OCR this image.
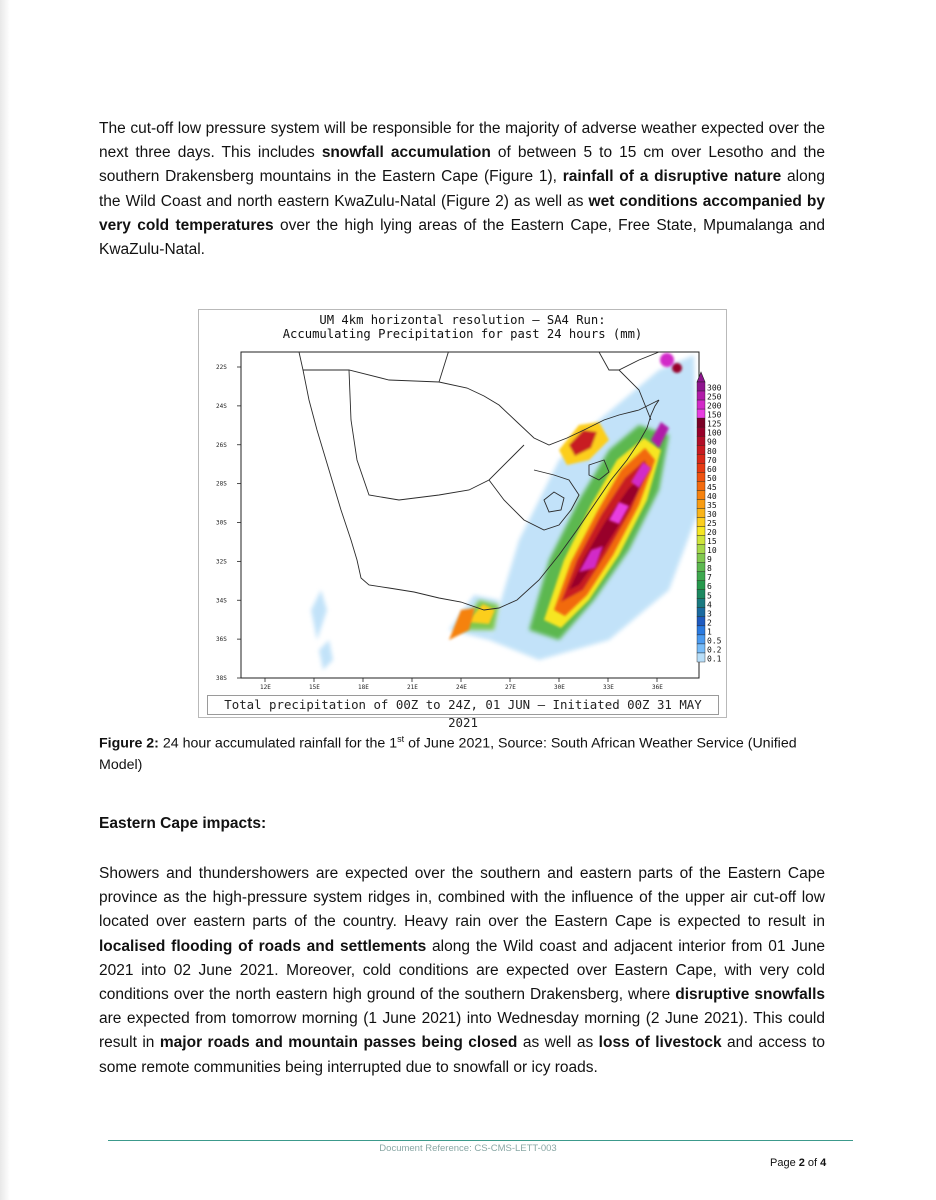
The cut-off low pressure system will be responsible for the majority of adverse weather expected over the next three days. This includes snowfall accumulation of between 5 to 15 cm over Lesotho and the southern Drakensberg mountains in the Eastern Cape (Figure 1), rainfall of a disruptive nature along the Wild Coast and north eastern KwaZulu-Natal (Figure 2) as well as wet conditions accompanied by very cold temperatures over the high lying areas of the Eastern Cape, Free State, Mpumalanga and KwaZulu-Natal.

22S
24S
26S
28S
30S
32S
34S
36S
38S
12E	15E	18E	21E	24E	27E	30E	33E	36E
300
250
200
150
125
100
90
80
70
60
50
45
40
35
30
25
20
15
10
9
8
7
6
5
4
3
2
1
0.5
0.2
0.1
UM 4km horizontal resolution – SA4 Run:
Accumulating Precipitation for past 24 hours (mm)
Total precipitation of 00Z to 24Z, 01 JUN – Initiated 00Z 31 MAY 2021

Figure 2: 24 hour accumulated rainfall for the 1st of June 2021, Source: South African Weather Service (Unified Model)

Eastern Cape impacts:

Showers and thundershowers are expected over the southern and eastern parts of the Eastern Cape province as the high-pressure system ridges in, combined with the influence of the upper air cut-off low located over eastern parts of the country. Heavy rain over the Eastern Cape is expected to result in localised flooding of roads and settlements along the Wild coast and adjacent interior from 01 June 2021 into 02 June 2021. Moreover, cold conditions are expected over Eastern Cape, with very cold conditions over the north eastern high ground of the southern Drakensberg, where disruptive snowfalls are expected from tomorrow morning (1 June 2021) into Wednesday morning (2 June 2021). This could result in major roads and mountain passes being closed as well as loss of livestock and access to some remote communities being interrupted due to snowfall or icy roads.

Document Reference: CS-CMS-LETT-003
Page 2 of 4
